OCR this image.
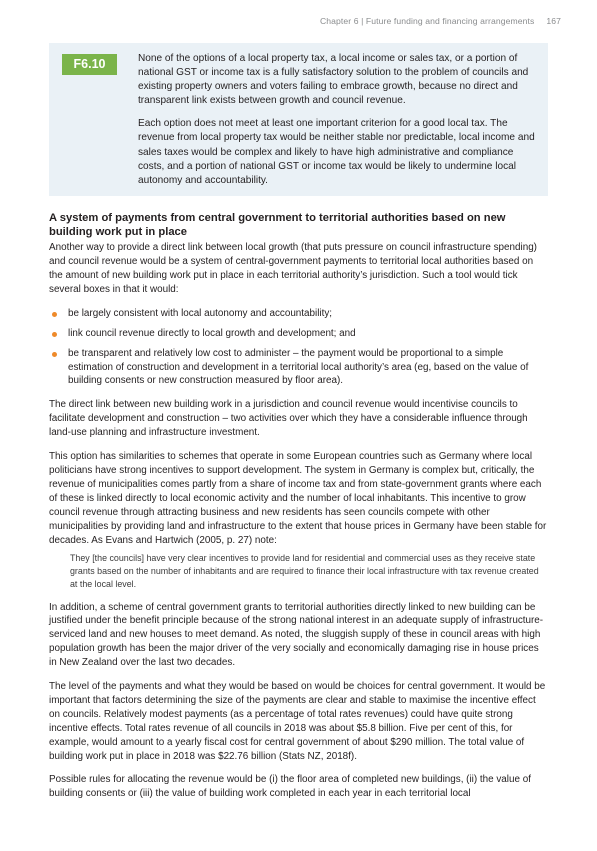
Chapter 6 | Future funding and financing arrangements 167
F6.10	None of the options of a local property tax, a local income or sales tax, or a portion of national GST or income tax is a fully satisfactory solution to the problem of councils and existing property owners and voters failing to embrace growth, because no direct and transparent link exists between growth and council revenue.

Each option does not meet at least one important criterion for a good local tax. The revenue from local property tax would be neither stable nor predictable, local income and sales taxes would be complex and likely to have high administrative and compliance costs, and a portion of national GST or income tax would be likely to undermine local autonomy and accountability.

A system of payments from central government to territorial authorities based on new building work put in place

Another way to provide a direct link between local growth (that puts pressure on council infrastructure spending) and council revenue would be a system of central-government payments to territorial local authorities based on the amount of new building work put in place in each territorial authority’s jurisdiction. Such a tool would tick several boxes in that it would:

be largely consistent with local autonomy and accountability;
link council revenue directly to local growth and development; and
be transparent and relatively low cost to administer – the payment would be proportional to a simple estimation of construction and development in a territorial local authority’s area (eg, based on the value of building consents or new construction measured by floor area).

The direct link between new building work in a jurisdiction and council revenue would incentivise councils to facilitate development and construction – two activities over which they have a considerable influence through land-use planning and infrastructure investment.

This option has similarities to schemes that operate in some European countries such as Germany where local politicians have strong incentives to support development. The system in Germany is complex but, critically, the revenue of municipalities comes partly from a share of income tax and from state-government grants where each of these is linked directly to local economic activity and the number of local inhabitants. This incentive to grow council revenue through attracting business and new residents has seen councils compete with other municipalities by providing land and infrastructure to the extent that house prices in Germany have been stable for decades. As Evans and Hartwich (2005, p. 27) note:

They [the councils] have very clear incentives to provide land for residential and commercial uses as they receive state grants based on the number of inhabitants and are required to finance their local infrastructure with tax revenue created at the local level.

In addition, a scheme of central government grants to territorial authorities directly linked to new building can be justified under the benefit principle because of the strong national interest in an adequate supply of infrastructure-serviced land and new houses to meet demand. As noted, the sluggish supply of these in council areas with high population growth has been the major driver of the very socially and economically damaging rise in house prices in New Zealand over the last two decades.

The level of the payments and what they would be based on would be choices for central government. It would be important that factors determining the size of the payments are clear and stable to maximise the incentive effect on councils. Relatively modest payments (as a percentage of total rates revenues) could have quite strong incentive effects. Total rates revenue of all councils in 2018 was about $5.8 billion. Five per cent of this, for example, would amount to a yearly fiscal cost for central government of about $290 million. The total value of building work put in place in 2018 was $22.76 billion (Stats NZ, 2018f).

Possible rules for allocating the revenue would be (i) the floor area of completed new buildings, (ii) the value of building consents or (iii) the value of building work completed in each year in each territorial local
